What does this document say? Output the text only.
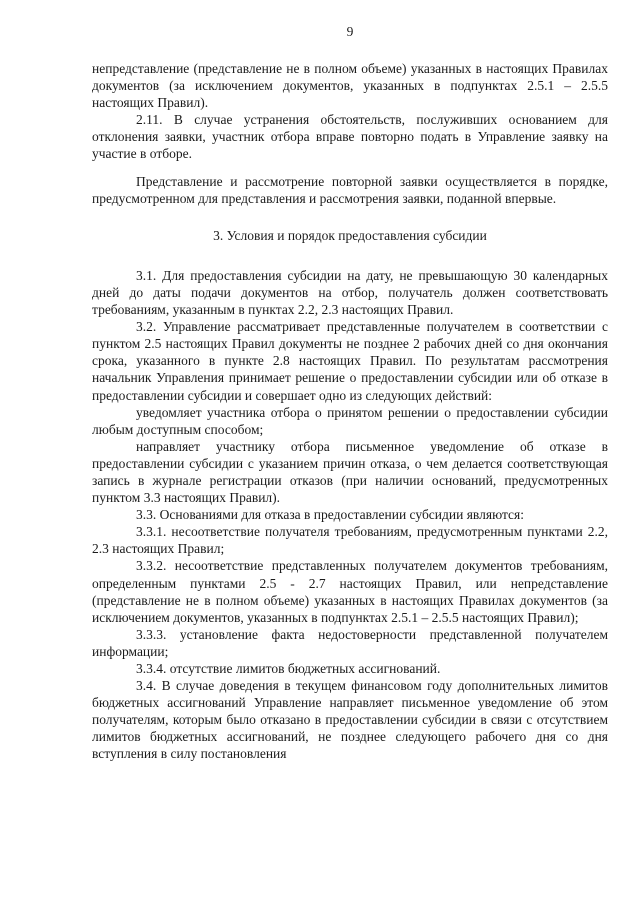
9

непредставление (представление не в полном объеме) указанных в настоящих Правилах документов (за исключением документов, указанных в подпунктах 2.5.1 – 2.5.5 настоящих Правил).

2.11. В случае устранения обстоятельств, послуживших основанием для отклонения заявки, участник отбора вправе повторно подать в Управление заявку на участие в отборе.

Представление и рассмотрение повторной заявки осуществляется в порядке, предусмотренном для представления и рассмотрения заявки, поданной впервые.

3. Условия и порядок предоставления субсидии

3.1. Для предоставления субсидии на дату, не превышающую 30 календарных дней до даты подачи документов на отбор, получатель должен соответствовать требованиям, указанным в пунктах 2.2, 2.3 настоящих Правил.

3.2. Управление рассматривает представленные получателем в соответствии с пунктом 2.5 настоящих Правил документы не позднее 2 рабочих дней со дня окончания срока, указанного в пункте 2.8 настоящих Правил. По результатам рассмотрения начальник Управления принимает решение о предоставлении субсидии или об отказе в предоставлении субсидии и совершает одно из следующих действий:

уведомляет участника отбора о принятом решении о предоставлении субсидии любым доступным способом;

направляет участнику отбора письменное уведомление об отказе в предоставлении субсидии с указанием причин отказа, о чем делается соответствующая запись в журнале регистрации отказов (при наличии оснований, предусмотренных пунктом 3.3 настоящих Правил).

3.3. Основаниями для отказа в предоставлении субсидии являются:

3.3.1. несоответствие получателя требованиям, предусмотренным пунктами 2.2, 2.3 настоящих Правил;

3.3.2. несоответствие представленных получателем документов требованиям, определенным пунктами 2.5 - 2.7 настоящих Правил, или непредставление (представление не в полном объеме) указанных в настоящих Правилах документов (за исключением документов, указанных в подпунктах 2.5.1 – 2.5.5 настоящих Правил);

3.3.3. установление факта недостоверности представленной получателем информации;

3.3.4. отсутствие лимитов бюджетных ассигнований.

3.4. В случае доведения в текущем финансовом году дополнительных лимитов бюджетных ассигнований Управление направляет письменное уведомление об этом получателям, которым было отказано в предоставлении субсидии в связи с отсутствием лимитов бюджетных ассигнований, не позднее следующего рабочего дня со дня вступления в силу постановления
